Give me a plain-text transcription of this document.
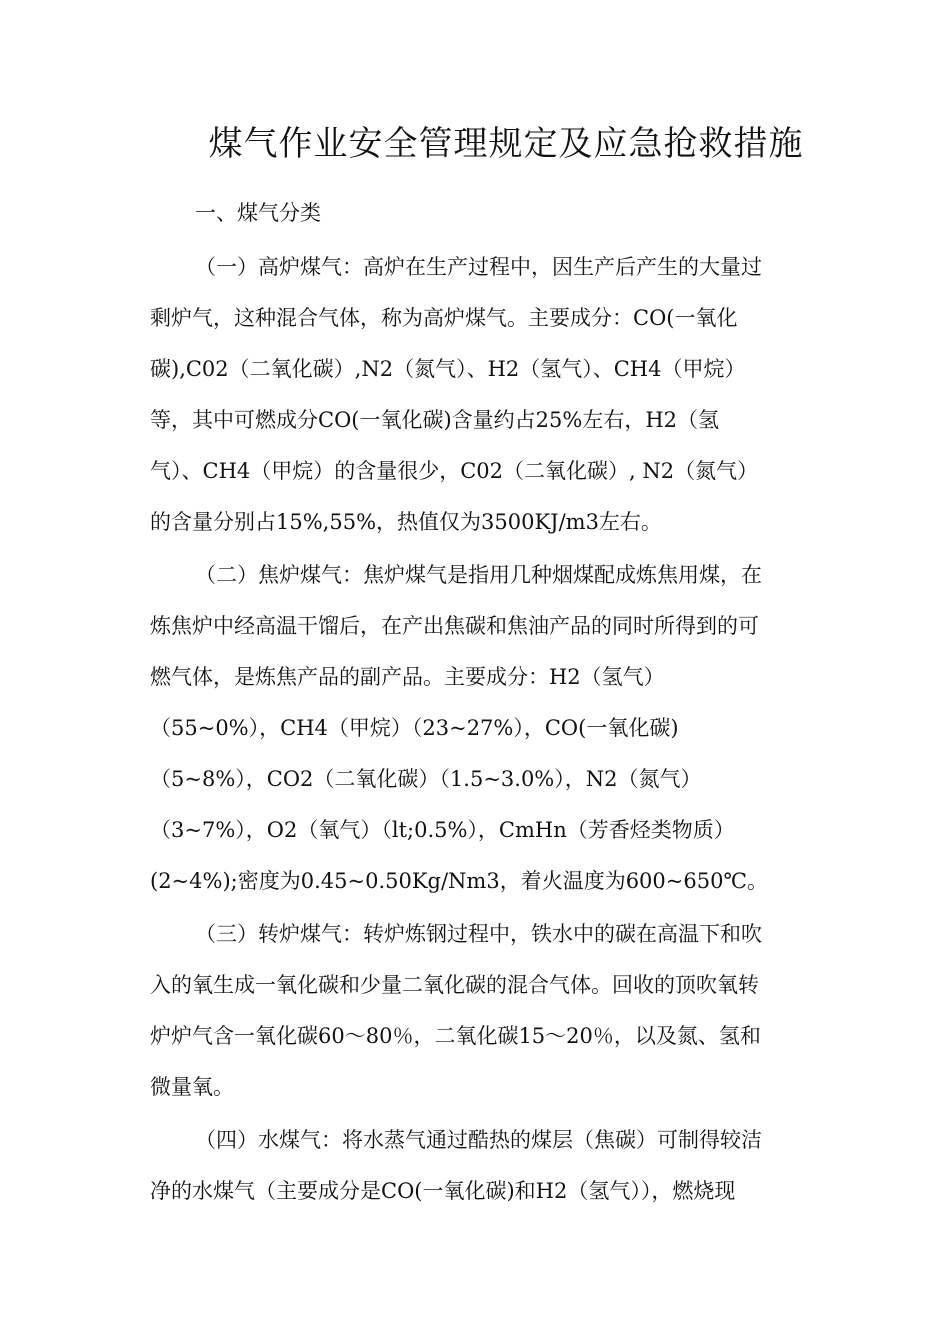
煤气作业安全管理规定及应急抢救措施
一、煤气分类
（一）高炉煤气：高炉在生产过程中，因生产后产生的大量过
剩炉气，这种混合气体，称为高炉煤气。主要成分：CO(一氧化
碳),C02（二氧化碳）,N2（氮气）、H2（氢气）、CH4（甲烷）
等，其中可燃成分CO(一氧化碳)含量约占25%左右，H2（氢
气）、CH4（甲烷）的含量很少，C02（二氧化碳）, N2（氮气）
的含量分别占15%,55%，热值仅为3500KJ/m3左右。
（二）焦炉煤气：焦炉煤气是指用几种烟煤配成炼焦用煤，在
炼焦炉中经高温干馏后，在产出焦碳和焦油产品的同时所得到的可
燃气体，是炼焦产品的副产品。主要成分：H2（氢气）
（55~0%），CH4（甲烷）（23~27%），CO(一氧化碳)
（5~8%），CO2（二氧化碳）（1.5~3.0%），N2（氮气）
（3~7%），O2（氧气）（lt;0.5%），CmHn（芳香烃类物质）
(2~4%);密度为0.45~0.50Kg/Nm3，着火温度为600~650℃。
（三）转炉煤气：转炉炼钢过程中，铁水中的碳在高温下和吹
入的氧生成一氧化碳和少量二氧化碳的混合气体。回收的顶吹氧转
炉炉气含一氧化碳60～80％，二氧化碳15～20％，以及氮、氢和
微量氧。
（四）水煤气：将水蒸气通过酷热的煤层（焦碳）可制得较洁
净的水煤气（主要成分是CO(一氧化碳)和H2（氢气）），燃烧现
